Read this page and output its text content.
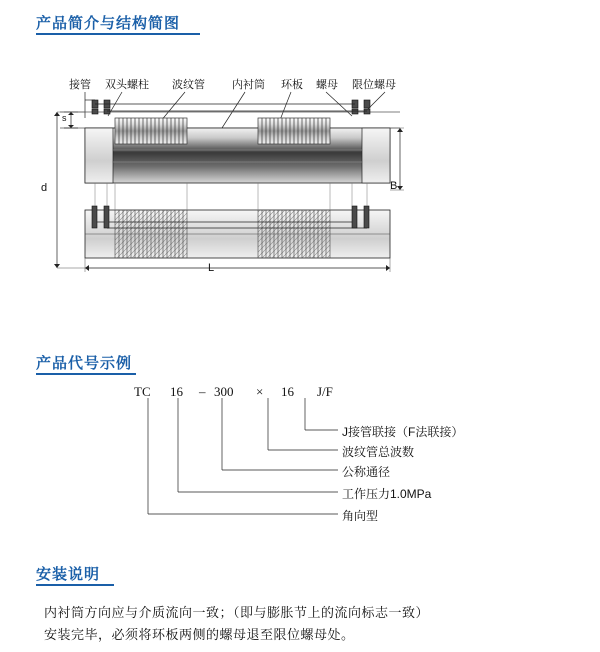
产品简介与结构简图
接管 双头螺柱 波纹管 内衬筒 环板 螺母 限位螺母
s
d	B
L
产品代号示例
TC 16 – 300 × 16 J/F
J接管联接（F法联接）
波纹管总波数
公称通径
工作压力1.0MPa
角向型
安装说明
内衬筒方向应与介质流向一致；（即与膨胀节上的流向标志一致）
安装完毕，必须将环板两侧的螺母退至限位螺母处。
